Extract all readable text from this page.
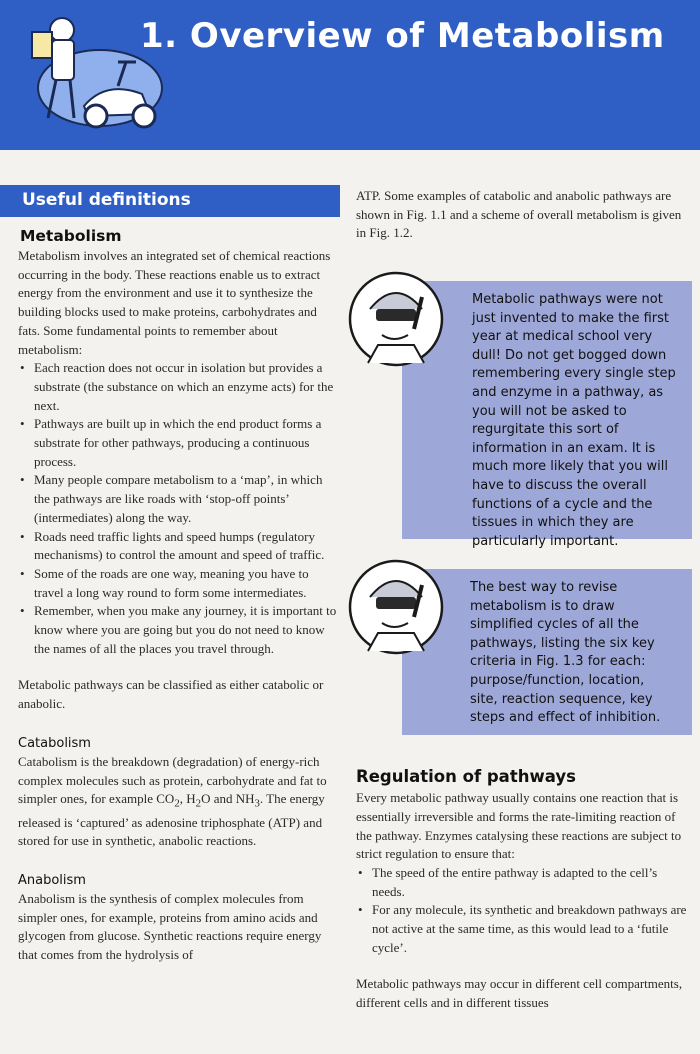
1. Overview of Metabolism
Useful definitions
Metabolism

Metabolism involves an integrated set of chemical reactions occurring in the body. These reactions enable us to extract energy from the environment and use it to synthesize the building blocks used to make proteins, carbohydrates and fats. Some fundamental points to remember about metabolism:

• Each reaction does not occur in isolation but provides a substrate (the substance on which an enzyme acts) for the next.
• Pathways are built up in which the end product forms a substrate for other pathways, producing a continuous process.
• Many people compare metabolism to a ‘map’, in which the pathways are like roads with ‘stop-off points’ (intermediates) along the way.
• Roads need traffic lights and speed humps (regulatory mechanisms) to control the amount and speed of traffic.
• Some of the roads are one way, meaning you have to travel a long way round to form some intermediates.
• Remember, when you make any journey, it is important to know where you are going but you do not need to know the names of all the places you travel through.

Metabolic pathways can be classified as either catabolic or anabolic.

Catabolism

Catabolism is the breakdown (degradation) of energy-rich complex molecules such as protein, carbohydrate and fat to simpler ones, for example $CO_2$, $H_2O$ and $NH_3$. The energy released is ‘captured’ as adenosine triphosphate (ATP) and stored for use in synthetic, anabolic reactions.

Anabolism

Anabolism is the synthesis of complex molecules from simpler ones, for example, proteins from amino acids and glycogen from glucose. Synthetic reactions require energy that comes from the hydrolysis of

ATP. Some examples of catabolic and anabolic pathways are shown in Fig. 1.1 and a scheme of overall metabolism is given in Fig. 1.2.

Metabolic pathways were not just invented to make the first year at medical school very dull! Do not get bogged down remembering every single step and enzyme in a pathway, as you will not be asked to regurgitate this sort of information in an exam. It is much more likely that you will have to discuss the overall functions of a cycle and the tissues in which they are particularly important.
The best way to revise metabolism is to draw simplified cycles of all the pathways, listing the six key criteria in Fig. 1.3 for each: purpose/function, location, site, reaction sequence, key steps and effect of inhibition.
Regulation of pathways

Every metabolic pathway usually contains one reaction that is essentially irreversible and forms the rate-limiting reaction of the pathway. Enzymes catalysing these reactions are subject to strict regulation to ensure that:

• The speed of the entire pathway is adapted to the cell’s needs.
• For any molecule, its synthetic and breakdown pathways are not active at the same time, as this would lead to a ‘futile cycle’.

Metabolic pathways may occur in different cell compartments, different cells and in different tissues
